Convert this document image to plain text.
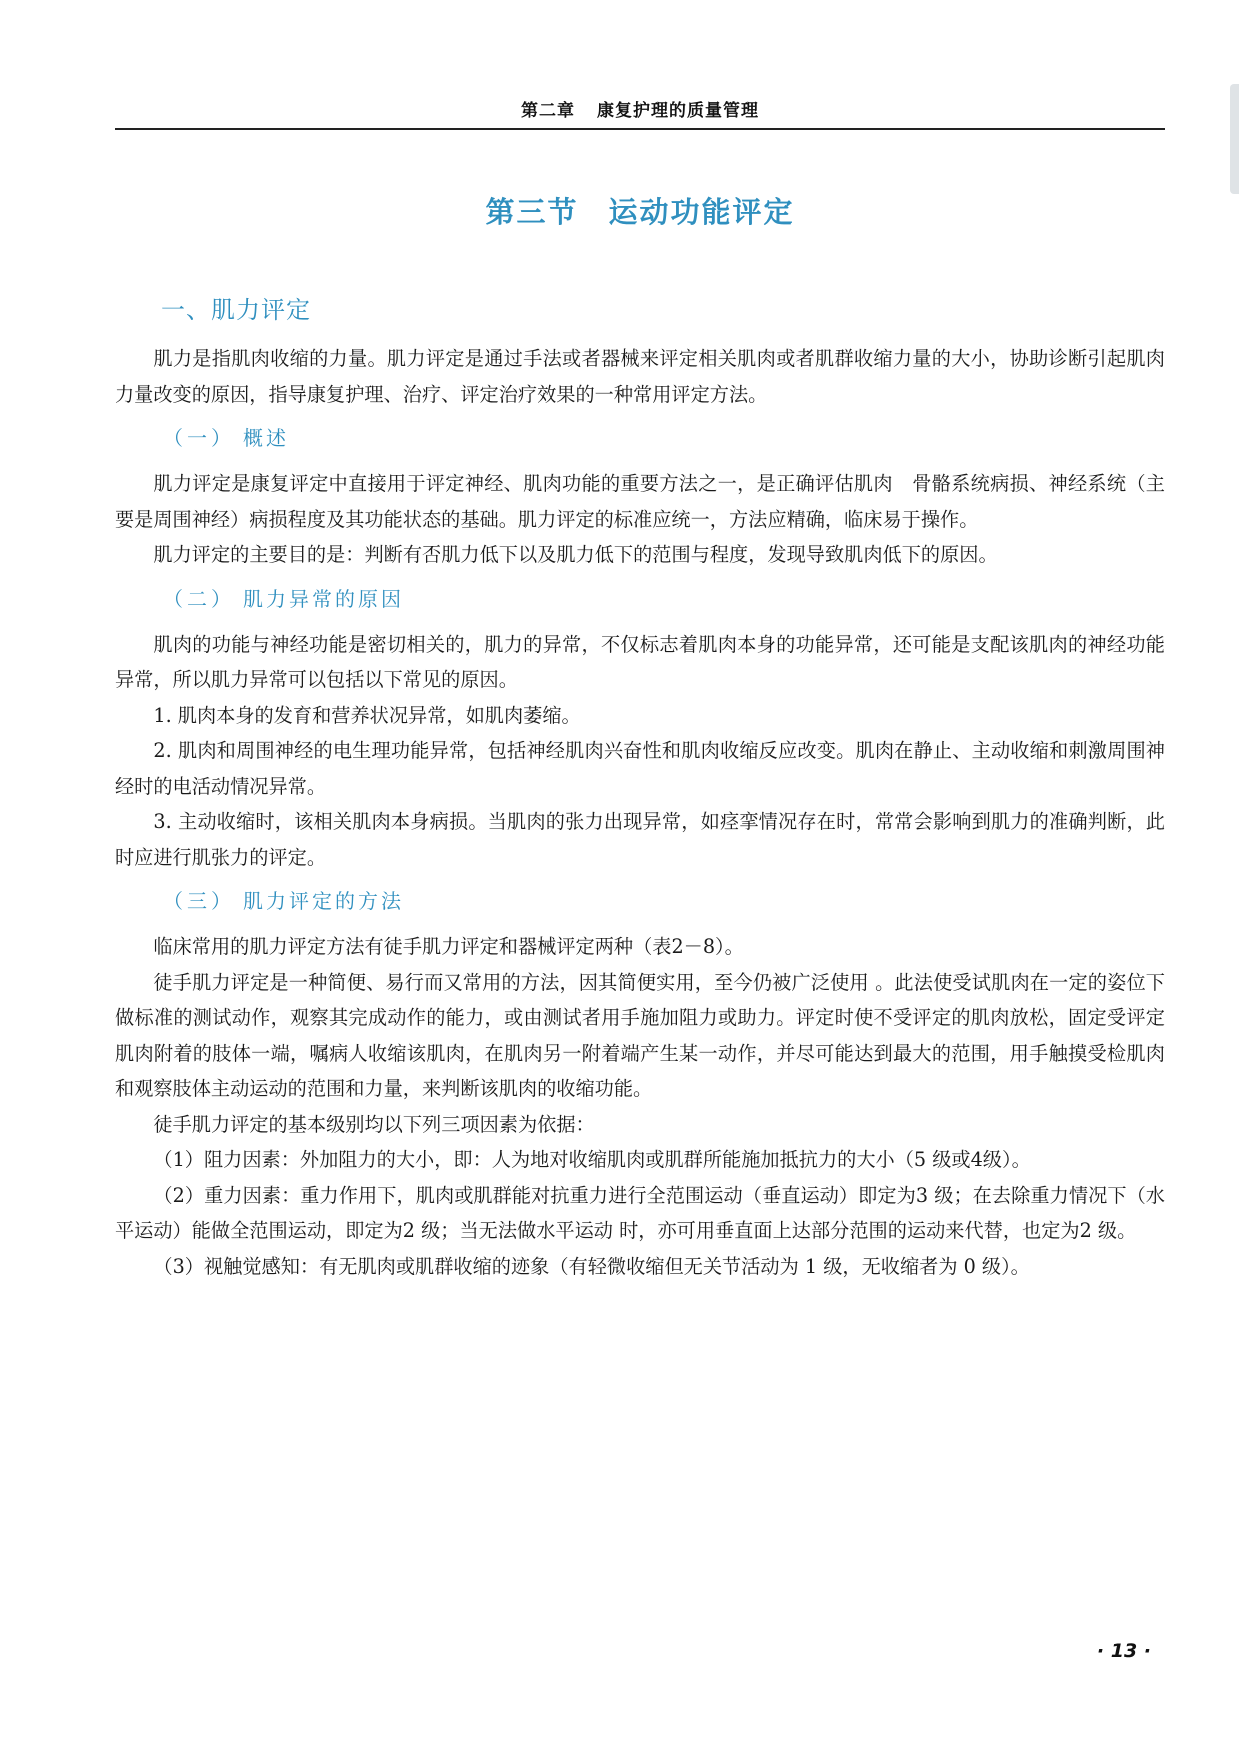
第二章 康复护理的质量管理
第三节 运动功能评定
一、肌力评定

肌力是指肌肉收缩的力量。肌力评定是通过手法或者器械来评定相关肌肉或者肌群收缩力量的大小，协助诊断引起肌肉力量改变的原因，指导康复护理、治疗、评定治疗效果的一种常用评定方法。

（一） 概述

肌力评定是康复评定中直接用于评定神经、肌肉功能的重要方法之一，是正确评估肌肉　骨骼系统病损、神经系统（主要是周围神经）病损程度及其功能状态的基础。肌力评定的标准应统一，方法应精确，临床易于操作。

肌力评定的主要目的是：判断有否肌力低下以及肌力低下的范围与程度，发现导致肌肉低下的原因。

（二） 肌力异常的原因

肌肉的功能与神经功能是密切相关的，肌力的异常，不仅标志着肌肉本身的功能异常，还可能是支配该肌肉的神经功能异常，所以肌力异常可以包括以下常见的原因。

1. 肌肉本身的发育和营养状况异常，如肌肉萎缩。

2. 肌肉和周围神经的电生理功能异常，包括神经肌肉兴奋性和肌肉收缩反应改变。肌肉在静止、主动收缩和刺激周围神经时的电活动情况异常。

3. 主动收缩时，该相关肌肉本身病损。当肌肉的张力出现异常，如痉挛情况存在时，常常会影响到肌力的准确判断，此时应进行肌张力的评定。

（三） 肌力评定的方法

临床常用的肌力评定方法有徒手肌力评定和器械评定两种（表2－8）。

徒手肌力评定是一种简便、易行而又常用的方法，因其简便实用，至今仍被广泛使用 。此法使受试肌肉在一定的姿位下做标准的测试动作，观察其完成动作的能力，或由测试者用手施加阻力或助力。评定时使不受评定的肌肉放松，固定受评定肌肉附着的肢体一端，嘱病人收缩该肌肉，在肌肉另一附着端产生某一动作，并尽可能达到最大的范围，用手触摸受检肌肉和观察肢体主动运动的范围和力量，来判断该肌肉的收缩功能。

徒手肌力评定的基本级别均以下列三项因素为依据：

（1）阻力因素：外加阻力的大小，即：人为地对收缩肌肉或肌群所能施加抵抗力的大小（5 级或4级）。

（2）重力因素：重力作用下，肌肉或肌群能对抗重力进行全范围运动（垂直运动）即定为3 级；在去除重力情况下（水平运动）能做全范围运动，即定为2 级；当无法做水平运动 时，亦可用垂直面上达部分范围的运动来代替，也定为2 级。

（3）视触觉感知：有无肌肉或肌群收缩的迹象（有轻微收缩但无关节活动为 1 级，无收缩者为 0 级）。

· 13 ·
